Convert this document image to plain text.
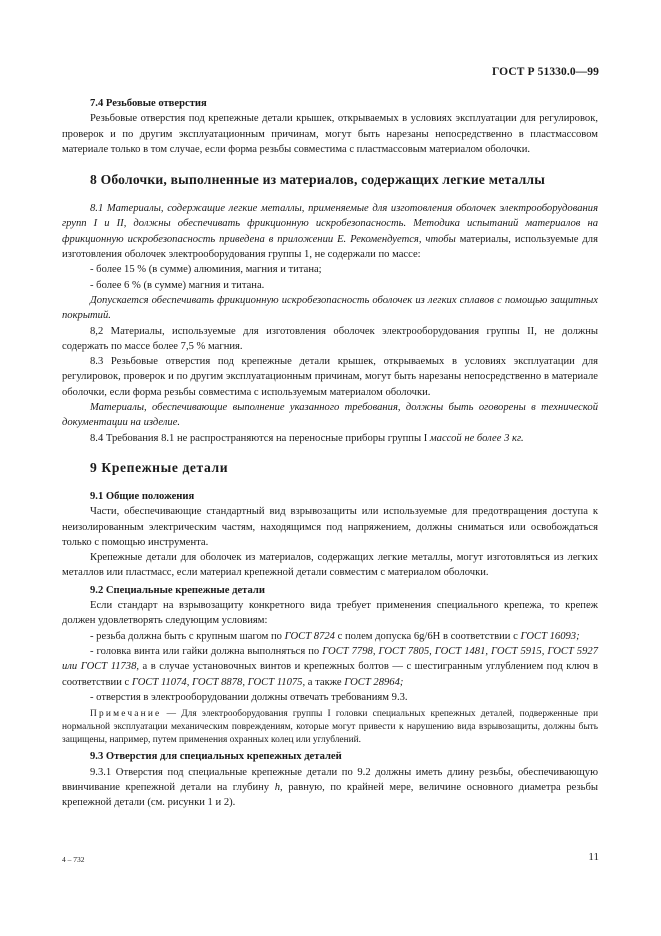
ГОСТ Р 51330.0—99

7.4 Резьбовые отверстия

Резьбовые отверстия под крепежные детали крышек, открываемых в условиях эксплуатации для регулировок, проверок и по другим эксплуатационным причинам, могут быть нарезаны непосредственно в пластмассовом материале только в том случае, если форма резьбы совместима с пластмассовым материалом оболочки.

8 Оболочки, выполненные из материалов, содержащих легкие металлы

8.1 Материалы, содержащие легкие металлы, применяемые для изготовления оболочек электрооборудования групп I и II, должны обеспечивать фрикционную искробезопасность. Методика испытаний материалов на фрикционную искробезопасность приведена в приложении Е. Рекомендуется, чтобы материалы, используемые для изготовления оболочек электрооборудования группы 1, не содержали по массе:

- более 15 % (в сумме) алюминия, магния и титана;

- более 6 % (в сумме) магния и титана.

Допускается обеспечивать фрикционную искробезопасность оболочек из легких сплавов с помощью защитных покрытий.

8,2 Материалы, используемые для изготовления оболочек электрооборудования группы II, не должны содержать по массе более 7,5 % магния.

8.3 Резьбовые отверстия под крепежные детали крышек, открываемых в условиях эксплуатации для регулировок, проверок и по другим эксплуатационным причинам, могут быть нарезаны непосредственно в материале оболочки, если форма резьбы совместима с используемым материалом оболочки.

Материалы, обеспечивающие выполнение указанного требования, должны быть оговорены в технической документации на изделие.

8.4 Требования 8.1 не распространяются на переносные приборы группы I массой не более 3 кг.

9 Крепежные детали

9.1 Общие положения

Части, обеспечивающие стандартный вид взрывозащиты или используемые для предотвращения доступа к неизолированным электрическим частям, находящимся под напряжением, должны сниматься или освобождаться только с помощью инструмента.

Крепежные детали для оболочек из материалов, содержащих легкие металлы, могут изготовляться из легких металлов или пластмасс, если материал крепежной детали совместим с материалом оболочки.

9.2 Специальные крепежные детали

Если стандарт на взрывозащиту конкретного вида требует применения специального крепежа, то крепеж должен удовлетворять следующим условиям:

- резьба должна быть с крупным шагом по ГОСТ 8724 с полем допуска 6g/6H в соответствии с ГОСТ 16093;

- головка винта или гайки должна выполняться по ГОСТ 7798, ГОСТ 7805, ГОСТ 1481, ГОСТ 5915, ГОСТ 5927 или ГОСТ 11738, а в случае установочных винтов и крепежных болтов — с шестигранным углублением под ключ в соответствии с ГОСТ 11074, ГОСТ 8878, ГОСТ 11075, а также ГОСТ 28964;

- отверстия в электрооборудовании должны отвечать требованиям 9.3.

Примечание — Для электрооборудования группы I головки специальных крепежных деталей, подверженные при нормальной эксплуатации механическим повреждениям, которые могут привести к нарушению вида взрывозащиты, должны быть защищены, например, путем применения охранных колец или углублений.

9.3 Отверстия для специальных крепежных деталей

9.3.1 Отверстия под специальные крепежные детали по 9.2 должны иметь длину резьбы, обеспечивающую ввинчивание крепежной детали на глубину h, равную, по крайней мере, величине основного диаметра резьбы крепежной детали (см. рисунки 1 и 2).

4 – 732	11
